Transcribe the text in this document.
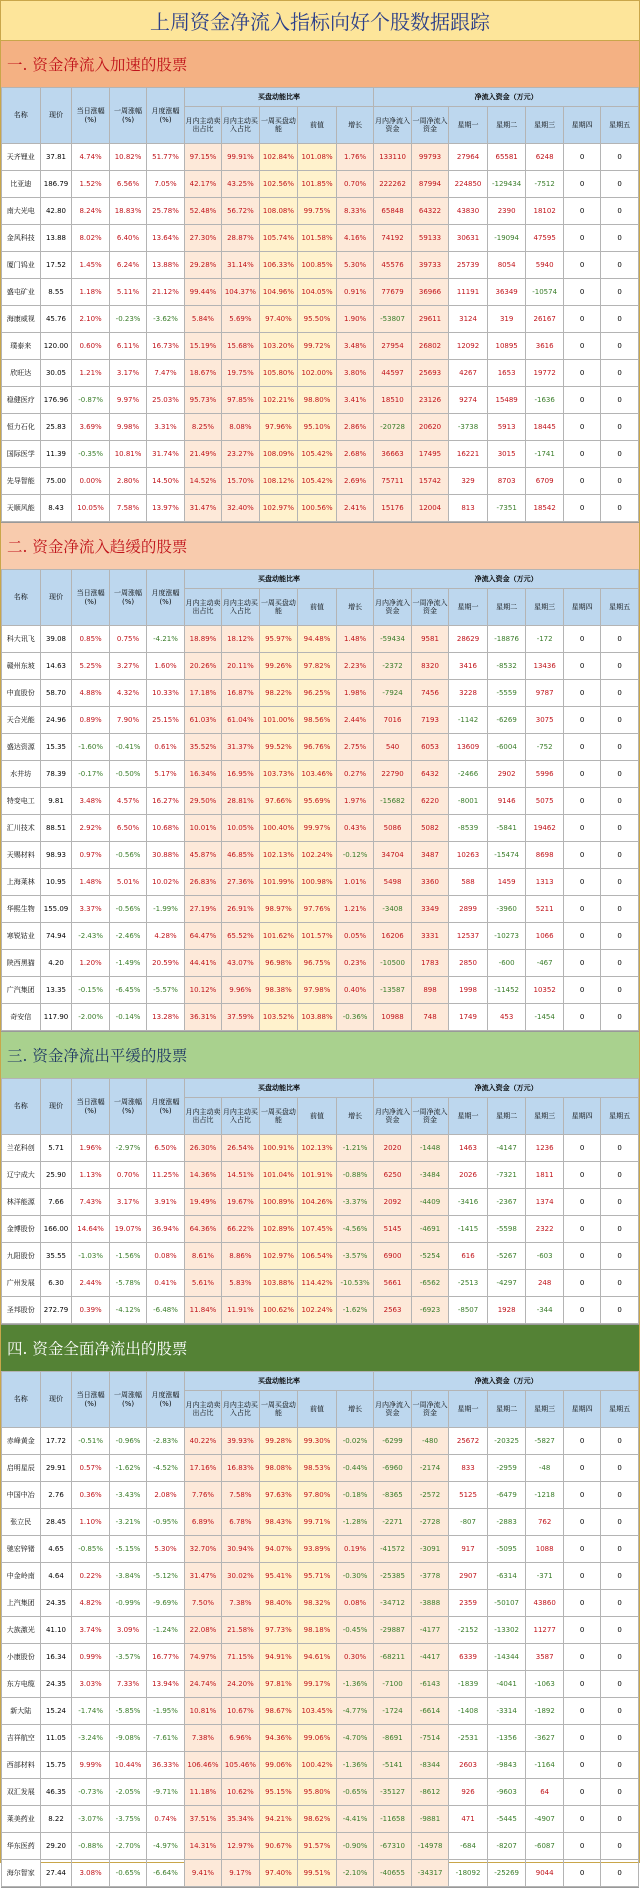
上周资金净流入指标向好个股数据跟踪
一. 资金净流入加速的股票
名称	现价	当日涨幅(%)	一周涨幅(%)	月度涨幅(%)	买盘动能比率					净流入资金（万元）						
					月内主动卖出占比	月内主动买入占比	一周买盘动能	前值	增长	月内净流入资金	一周净流入资金	星期一	星期二	星期三	星期四	星期五
天齐锂业	37.81	4.74%	10.82%	51.77%	97.15%	99.91%	102.84%	101.08%	1.76%	133110	99793	27964	65581	6248	0	0
比亚迪	186.79	1.52%	6.56%	7.05%	42.17%	43.25%	102.56%	101.85%	0.70%	222262	87994	224850	-129434	-7512	0	0
南大光电	42.80	8.24%	18.83%	25.78%	52.48%	56.72%	108.08%	99.75%	8.33%	65848	64322	43830	2390	18102	0	0
金风科技	13.88	8.02%	6.40%	13.64%	27.30%	28.87%	105.74%	101.58%	4.16%	74192	59133	30631	-19094	47595	0	0
厦门钨业	17.52	1.45%	6.24%	13.88%	29.28%	31.14%	106.33%	100.85%	5.30%	45576	39733	25739	8054	5940	0	0
盛屯矿业	8.55	1.18%	5.11%	21.12%	99.44%	104.37%	104.96%	104.05%	0.91%	77679	36966	11191	36349	-10574	0	0
海康威视	45.76	2.10%	-0.23%	-3.62%	5.84%	5.69%	97.40%	95.50%	1.90%	-53807	29611	3124	319	26167	0	0
璞泰来	120.00	0.60%	6.11%	16.73%	15.19%	15.68%	103.20%	99.72%	3.48%	27954	26802	12092	10895	3616	0	0
欣旺达	30.05	1.21%	3.17%	7.47%	18.67%	19.75%	105.80%	102.00%	3.80%	44597	25693	4267	1653	19772	0	0
稳健医疗	176.96	-0.87%	9.97%	25.03%	95.73%	97.85%	102.21%	98.80%	3.41%	18510	23126	9274	15489	-1636	0	0
恒力石化	25.83	3.69%	9.98%	3.31%	8.25%	8.08%	97.96%	95.10%	2.86%	-20728	20620	-3738	5913	18445	0	0
国际医学	11.39	-0.35%	10.81%	31.74%	21.49%	23.27%	108.09%	105.42%	2.68%	36663	17495	16221	3015	-1741	0	0
先导智能	75.00	0.00%	2.80%	14.50%	14.52%	15.70%	108.12%	105.42%	2.69%	75711	15742	329	8703	6709	0	0
天顺风能	8.43	10.05%	7.58%	13.97%	31.47%	32.40%	102.97%	100.56%	2.41%	15176	12004	813	-7351	18542	0	0
二. 资金净流入趋缓的股票
名称	现价	当日涨幅(%)	一周涨幅(%)	月度涨幅(%)	买盘动能比率					净流入资金（万元）						
					月内主动卖出占比	月内主动买入占比	一周买盘动能	前值	增长	月内净流入资金	一周净流入资金	星期一	星期二	星期三	星期四	星期五
科大讯飞	39.08	0.85%	0.75%	-4.21%	18.89%	18.12%	95.97%	94.48%	1.48%	-59434	9581	28629	-18876	-172	0	0
赣州东坡	14.63	5.25%	3.27%	1.60%	20.26%	20.11%	99.26%	97.82%	2.23%	-2372	8320	3416	-8532	13436	0	0
中直股份	58.70	4.88%	4.32%	10.33%	17.18%	16.87%	98.22%	96.25%	1.98%	-7924	7456	3228	-5559	9787	0	0
天合光能	24.96	0.89%	7.90%	25.15%	61.03%	61.04%	101.00%	98.56%	2.44%	7016	7193	-1142	-6269	3075	0	0
盛达资源	15.35	-1.60%	-0.41%	0.61%	35.52%	31.37%	99.52%	96.76%	2.75%	540	6053	13609	-6004	-752	0	0
水井坊	78.39	-0.17%	-0.50%	5.17%	16.34%	16.95%	103.73%	103.46%	0.27%	22790	6432	-2466	2902	5996	0	0
特变电工	9.81	3.48%	4.57%	16.27%	29.50%	28.81%	97.66%	95.69%	1.97%	-15682	6220	-8001	9146	5075	0	0
汇川技术	88.51	2.92%	6.50%	10.68%	10.01%	10.05%	100.40%	99.97%	0.43%	5086	5082	-8539	-5841	19462	0	0
天赐材料	98.93	0.97%	-0.56%	30.88%	45.87%	46.85%	102.13%	102.24%	-0.12%	34704	3487	10263	-15474	8698	0	0
上海莱林	10.95	1.48%	5.01%	10.02%	26.83%	27.36%	101.99%	100.98%	1.01%	5498	3360	588	1459	1313	0	0
华熙生物	155.09	3.37%	-0.56%	-1.99%	27.19%	26.91%	98.97%	97.76%	1.21%	-3408	3349	2899	-3960	5211	0	0
寒锐钴业	74.94	-2.43%	-2.46%	4.28%	64.47%	65.52%	101.62%	101.57%	0.05%	16206	3331	12537	-10273	1066	0	0
陕西黑猫	4.20	1.20%	-1.49%	20.59%	44.41%	43.07%	96.98%	96.75%	0.23%	-10500	1783	2850	-600	-467	0	0
广汽集团	13.35	-0.15%	-6.45%	-5.57%	10.12%	9.96%	98.38%	97.98%	0.40%	-13587	898	1998	-11452	10352	0	0
奇安信	117.90	-2.00%	-0.14%	13.28%	36.31%	37.59%	103.52%	103.88%	-0.36%	10988	748	1749	453	-1454	0	0
三. 资金净流出平缓的股票
名称	现价	当日涨幅(%)	一周涨幅(%)	月度涨幅(%)	买盘动能比率					净流入资金（万元）						
					月内主动卖出占比	月内主动买入占比	一周买盘动能	前值	增长	月内净流入资金	一周净流入资金	星期一	星期二	星期三	星期四	星期五
兰花科创	5.71	1.96%	-2.97%	6.50%	26.30%	26.54%	100.91%	102.13%	-1.21%	2020	-1448	1463	-4147	1236	0	0
辽宁成大	25.90	1.13%	0.70%	11.25%	14.36%	14.51%	101.04%	101.91%	-0.88%	6250	-3484	2026	-7321	1811	0	0
林洋能源	7.66	7.43%	3.17%	3.91%	19.49%	19.67%	100.89%	104.26%	-3.37%	2092	-4409	-3416	-2367	1374	0	0
金博股份	166.00	14.64%	19.07%	36.94%	64.36%	66.22%	102.89%	107.45%	-4.56%	5145	-4691	-1415	-5598	2322	0	0
九阳股份	35.55	-1.03%	-1.56%	0.08%	8.61%	8.86%	102.97%	106.54%	-3.57%	6900	-5254	616	-5267	-603	0	0
广州发展	6.30	2.44%	-5.78%	0.41%	5.61%	5.83%	103.88%	114.42%	-10.53%	5661	-6562	-2513	-4297	248	0	0
圣邦股份	272.79	0.39%	-4.12%	-6.48%	11.84%	11.91%	100.62%	102.24%	-1.62%	2563	-6923	-8507	1928	-344	0	0
四. 资金全面净流出的股票
名称	现价	当日涨幅(%)	一周涨幅(%)	月度涨幅(%)	买盘动能比率					净流入资金（万元）						
					月内主动卖出占比	月内主动买入占比	一周买盘动能	前值	增长	月内净流入资金	一周净流入资金	星期一	星期二	星期三	星期四	星期五
赤峰黄金	17.72	-0.51%	-0.96%	-2.83%	40.22%	39.93%	99.28%	99.30%	-0.02%	-6299	-480	25672	-20325	-5827	0	0
启明星辰	29.91	0.57%	-1.62%	-4.52%	17.16%	16.83%	98.08%	98.53%	-0.44%	-6960	-2174	833	-2959	-48	0	0
中国中冶	2.76	0.36%	-3.43%	2.08%	7.76%	7.58%	97.63%	97.80%	-0.18%	-8365	-2572	5125	-6479	-1218	0	0
张立民	28.45	1.10%	-3.21%	-0.95%	6.89%	6.78%	98.43%	99.71%	-1.28%	-2271	-2728	-807	-2883	762	0	0
驰宏锌锗	4.65	-0.85%	-5.15%	5.30%	32.70%	30.94%	94.07%	93.89%	0.19%	-41572	-3091	917	-5095	1088	0	0
中金岭南	4.64	0.22%	-3.84%	-5.12%	31.47%	30.02%	95.41%	95.71%	-0.30%	-25385	-3778	2907	-6314	-371	0	0
上汽集团	24.35	4.82%	-0.99%	-9.69%	7.50%	7.38%	98.40%	98.32%	0.08%	-34712	-3888	2359	-50107	43860	0	0
大族激光	41.10	3.74%	3.09%	-1.24%	22.08%	21.58%	97.73%	98.18%	-0.45%	-29887	-4177	-2152	-13302	11277	0	0
小康股份	16.34	0.99%	-3.57%	16.77%	74.97%	71.15%	94.91%	94.61%	0.30%	-68211	-4417	6339	-14344	3587	0	0
东方电缆	24.35	3.03%	7.33%	13.94%	24.74%	24.20%	97.81%	99.17%	-1.36%	-7100	-6143	-1839	-4041	-1063	0	0
新大陆	15.24	-1.74%	-5.85%	-1.95%	10.81%	10.67%	98.67%	103.45%	-4.77%	-1724	-6614	-1408	-3314	-1892	0	0
吉祥航空	11.05	-3.24%	-9.08%	-7.61%	7.38%	6.96%	94.36%	99.06%	-4.70%	-8691	-7514	-2531	-1356	-3627	0	0
西部材料	15.75	9.99%	10.44%	36.33%	106.46%	105.46%	99.06%	100.42%	-1.36%	-5141	-8344	2603	-9843	-1164	0	0
双汇发展	46.35	-0.73%	-2.05%	-9.71%	11.18%	10.62%	95.15%	95.80%	-0.65%	-35127	-8612	926	-9603	64	0	0
莱美药业	8.22	-3.07%	-3.75%	0.74%	37.51%	35.34%	94.21%	98.62%	-4.41%	-11658	-9881	471	-5445	-4907	0	0
华东医药	29.20	-0.88%	-2.70%	-4.97%	14.31%	12.97%	90.67%	91.57%	-0.90%	-67310	-14978	-684	-8207	-6087	0	0
海尔智家	27.44	3.08%	-0.65%	-6.64%	9.41%	9.17%	97.40%	99.51%	-2.10%	-40655	-34317	-18092	-25269	9044	0	0
